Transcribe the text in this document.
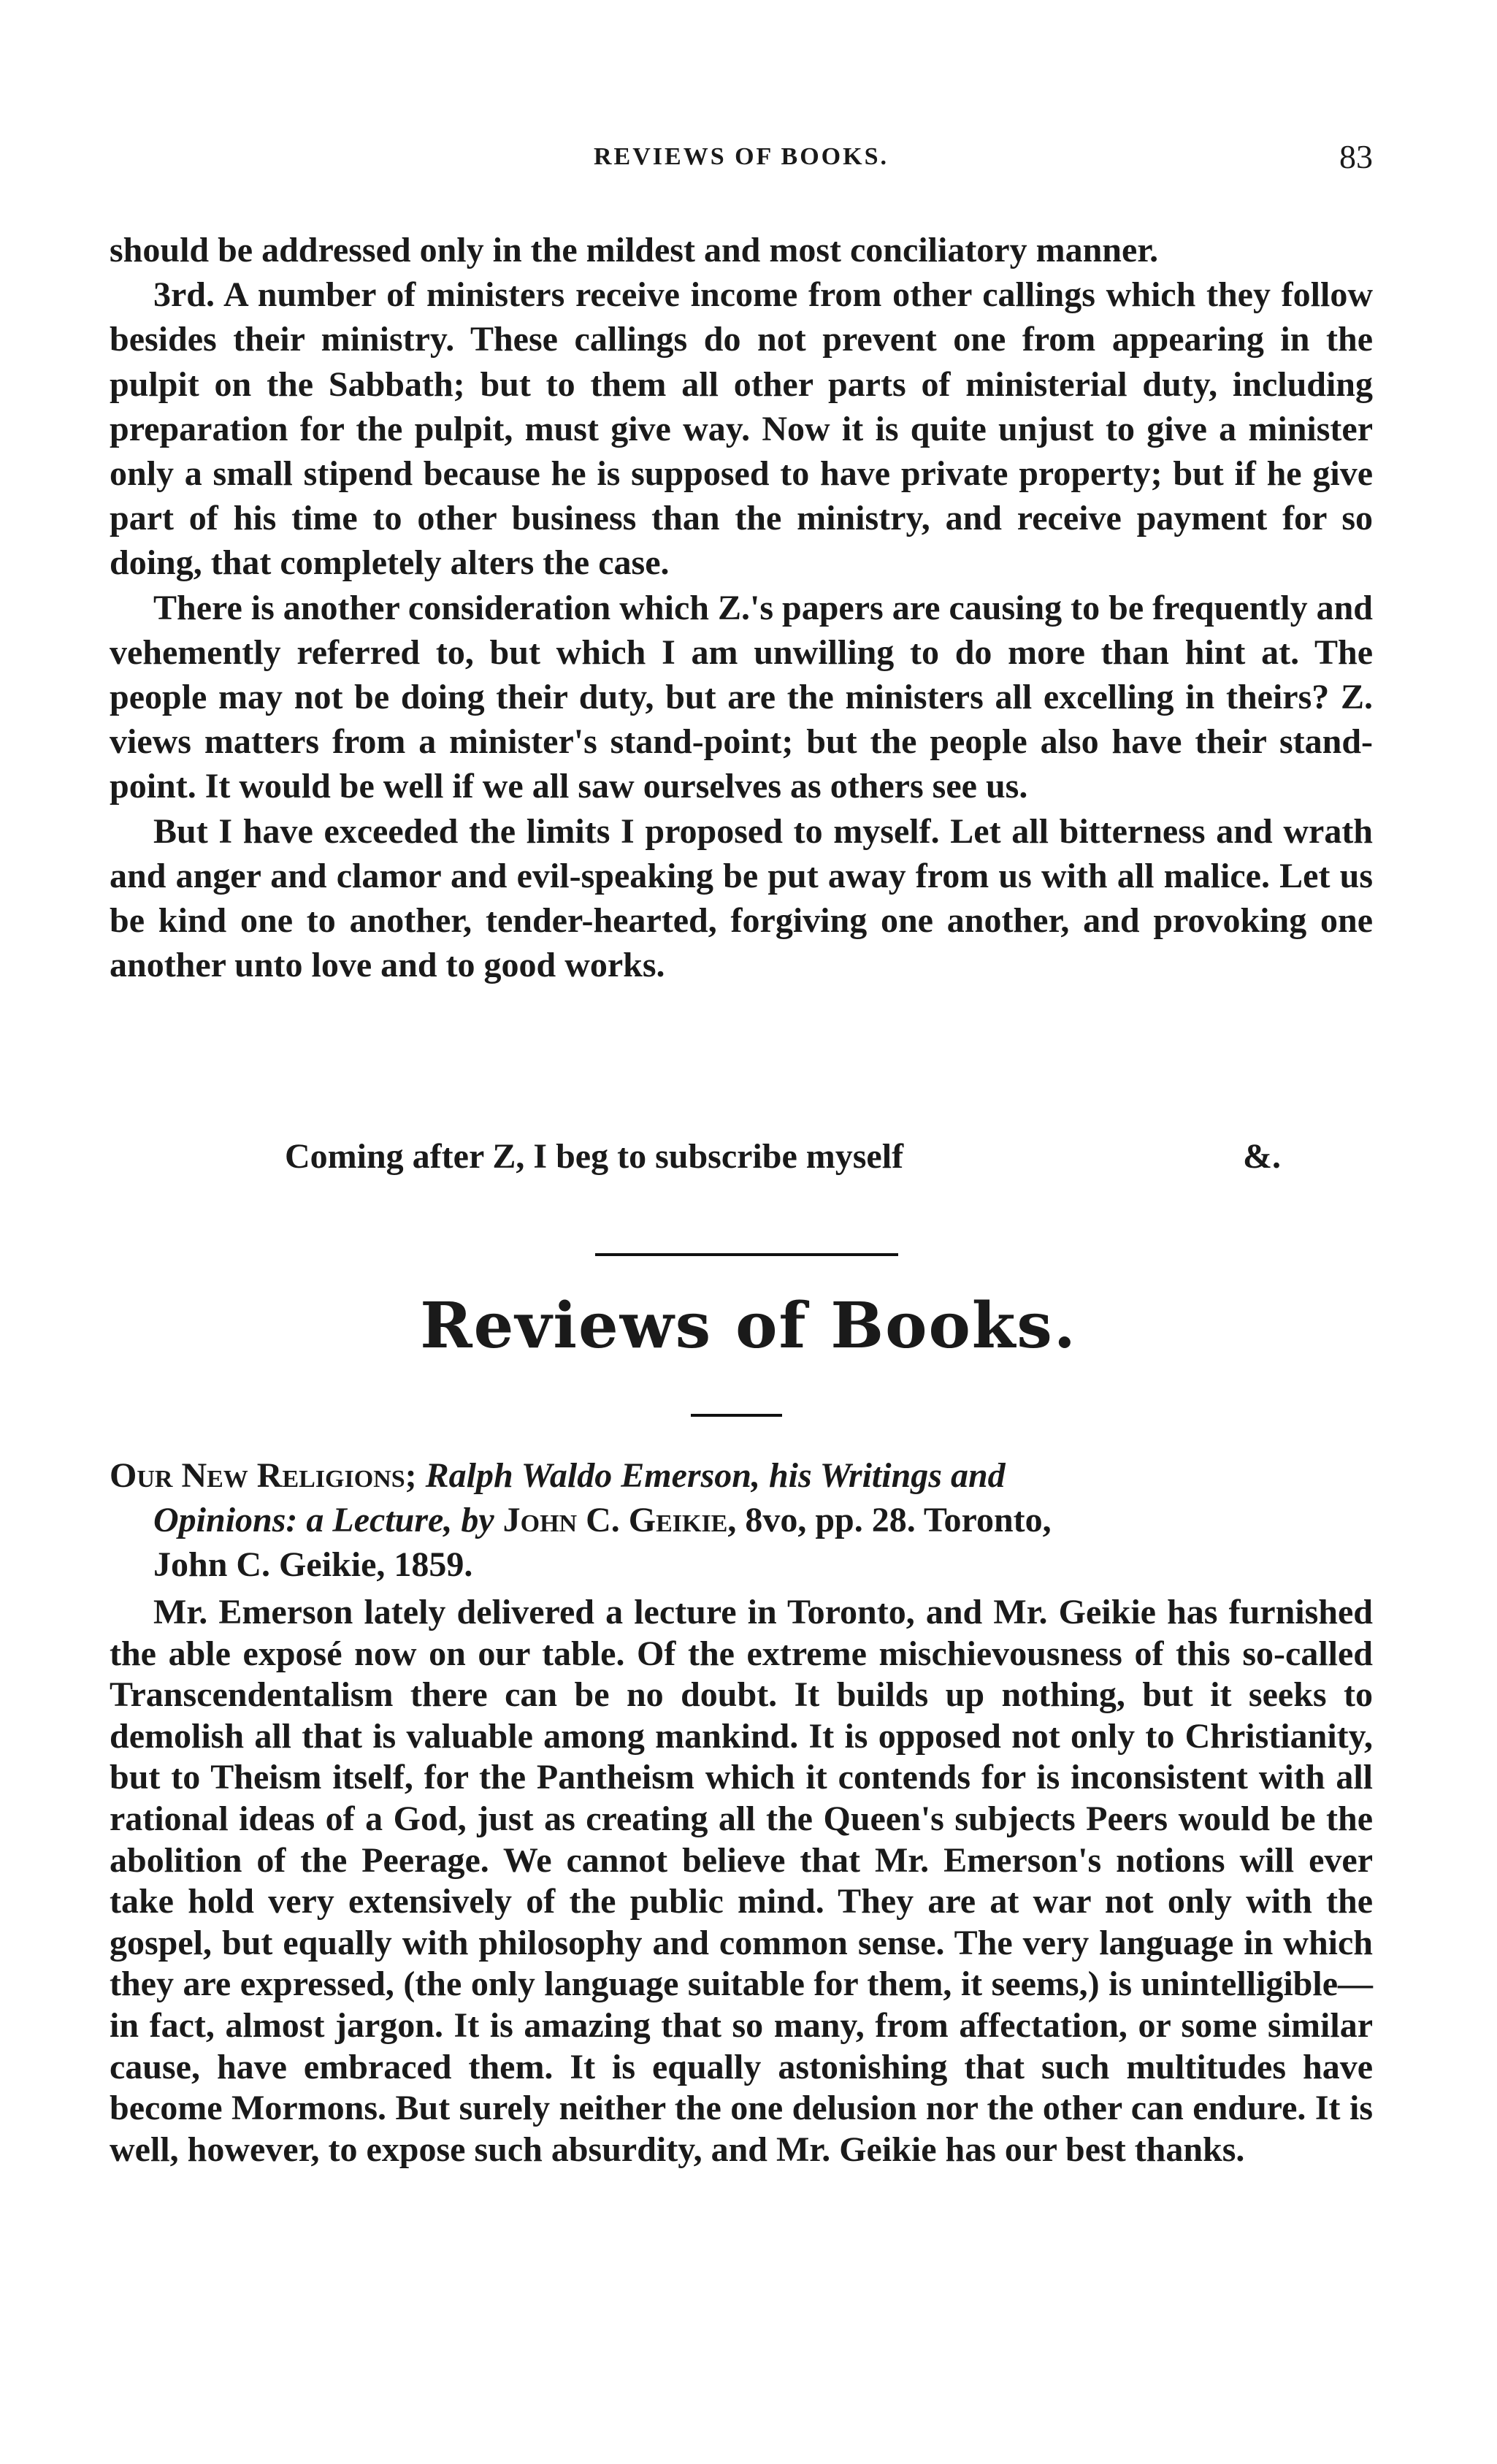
REVIEWS OF BOOKS.	83

should be addressed only in the mildest and most conciliatory manner.

3rd. A number of ministers receive income from other callings which they follow besides their ministry. These callings do not prevent one from appearing in the pulpit on the Sabbath; but to them all other parts of ministerial duty, including preparation for the pulpit, must give way. Now it is quite unjust to give a minister only a small stipend because he is supposed to have private property; but if he give part of his time to other business than the ministry, and receive payment for so doing, that completely alters the case.

There is another consideration which Z.'s papers are causing to be frequently and vehemently referred to, but which I am unwilling to do more than hint at. The people may not be doing their duty, but are the ministers all excelling in theirs? Z. views matters from a minister's stand-point; but the people also have their stand-point. It would be well if we all saw ourselves as others see us.

But I have exceeded the limits I proposed to myself. Let all bitterness and wrath and anger and clamor and evil-speaking be put away from us with all malice. Let us be kind one to another, tender-hearted, forgiving one another, and provoking one another unto love and to good works.

Coming after Z, I beg to subscribe myself	&.
Reviews of Books.
Our New Religions; Ralph Waldo Emerson, his Writings and
Opinions: a Lecture, by John C. Geikie, 8vo, pp. 28. Toronto,
John C. Geikie, 1859.

Mr. Emerson lately delivered a lecture in Toronto, and Mr. Geikie has furnished the able exposé now on our table. Of the extreme mischievousness of this so-called Transcendentalism there can be no doubt. It builds up nothing, but it seeks to demolish all that is valuable among mankind. It is opposed not only to Christianity, but to Theism itself, for the Pantheism which it contends for is inconsistent with all rational ideas of a God, just as creating all the Queen's subjects Peers would be the abolition of the Peerage. We cannot believe that Mr. Emerson's notions will ever take hold very extensively of the public mind. They are at war not only with the gospel, but equally with philosophy and common sense. The very language in which they are expressed, (the only language suitable for them, it seems,) is unintelligible—in fact, almost jargon. It is amazing that so many, from affectation, or some similar cause, have embraced them. It is equally astonishing that such multitudes have become Mormons. But surely neither the one delusion nor the other can endure. It is well, however, to expose such absurdity, and Mr. Geikie has our best thanks.
